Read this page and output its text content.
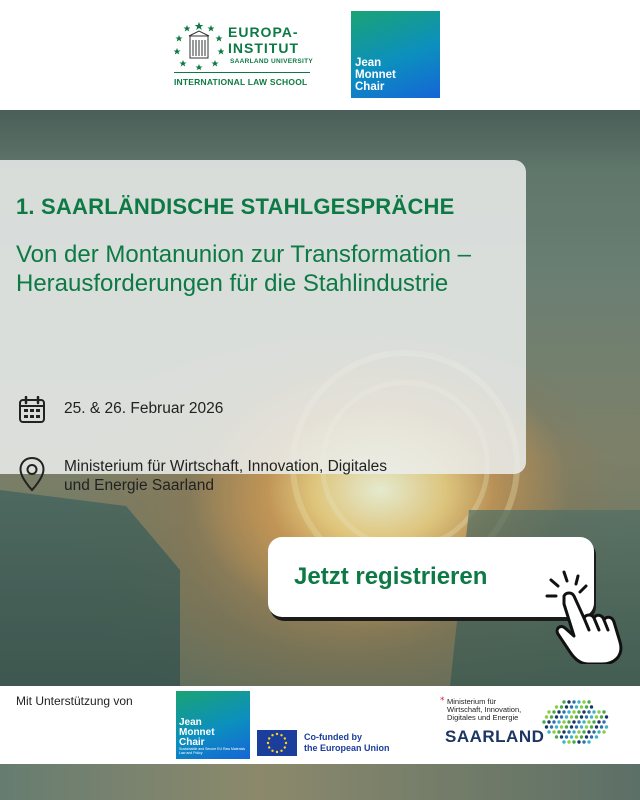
EUROPA-
INSTITUT
SAARLAND UNIVERSITY
INTERNATIONAL LAW SCHOOL
Jean
Monnet
Chair
1. SAARLÄNDISCHE STAHLGESPRÄCHE
Von der Montanunion zur Transformation – Herausforderungen für die Stahlindustrie
25. & 26. Februar 2026
Ministerium für Wirtschaft, Innovation, Digitales
und Energie Saarland
Jetzt registrieren
Mit Unterstützung von
Jean
Monnet
Chair
Sustainable and Secure EU Raw Materials Law and Policy
Co-funded by
the European Union
* Ministerium für
Wirtschaft, Innovation,
Digitales und Energie
SAARLAND
